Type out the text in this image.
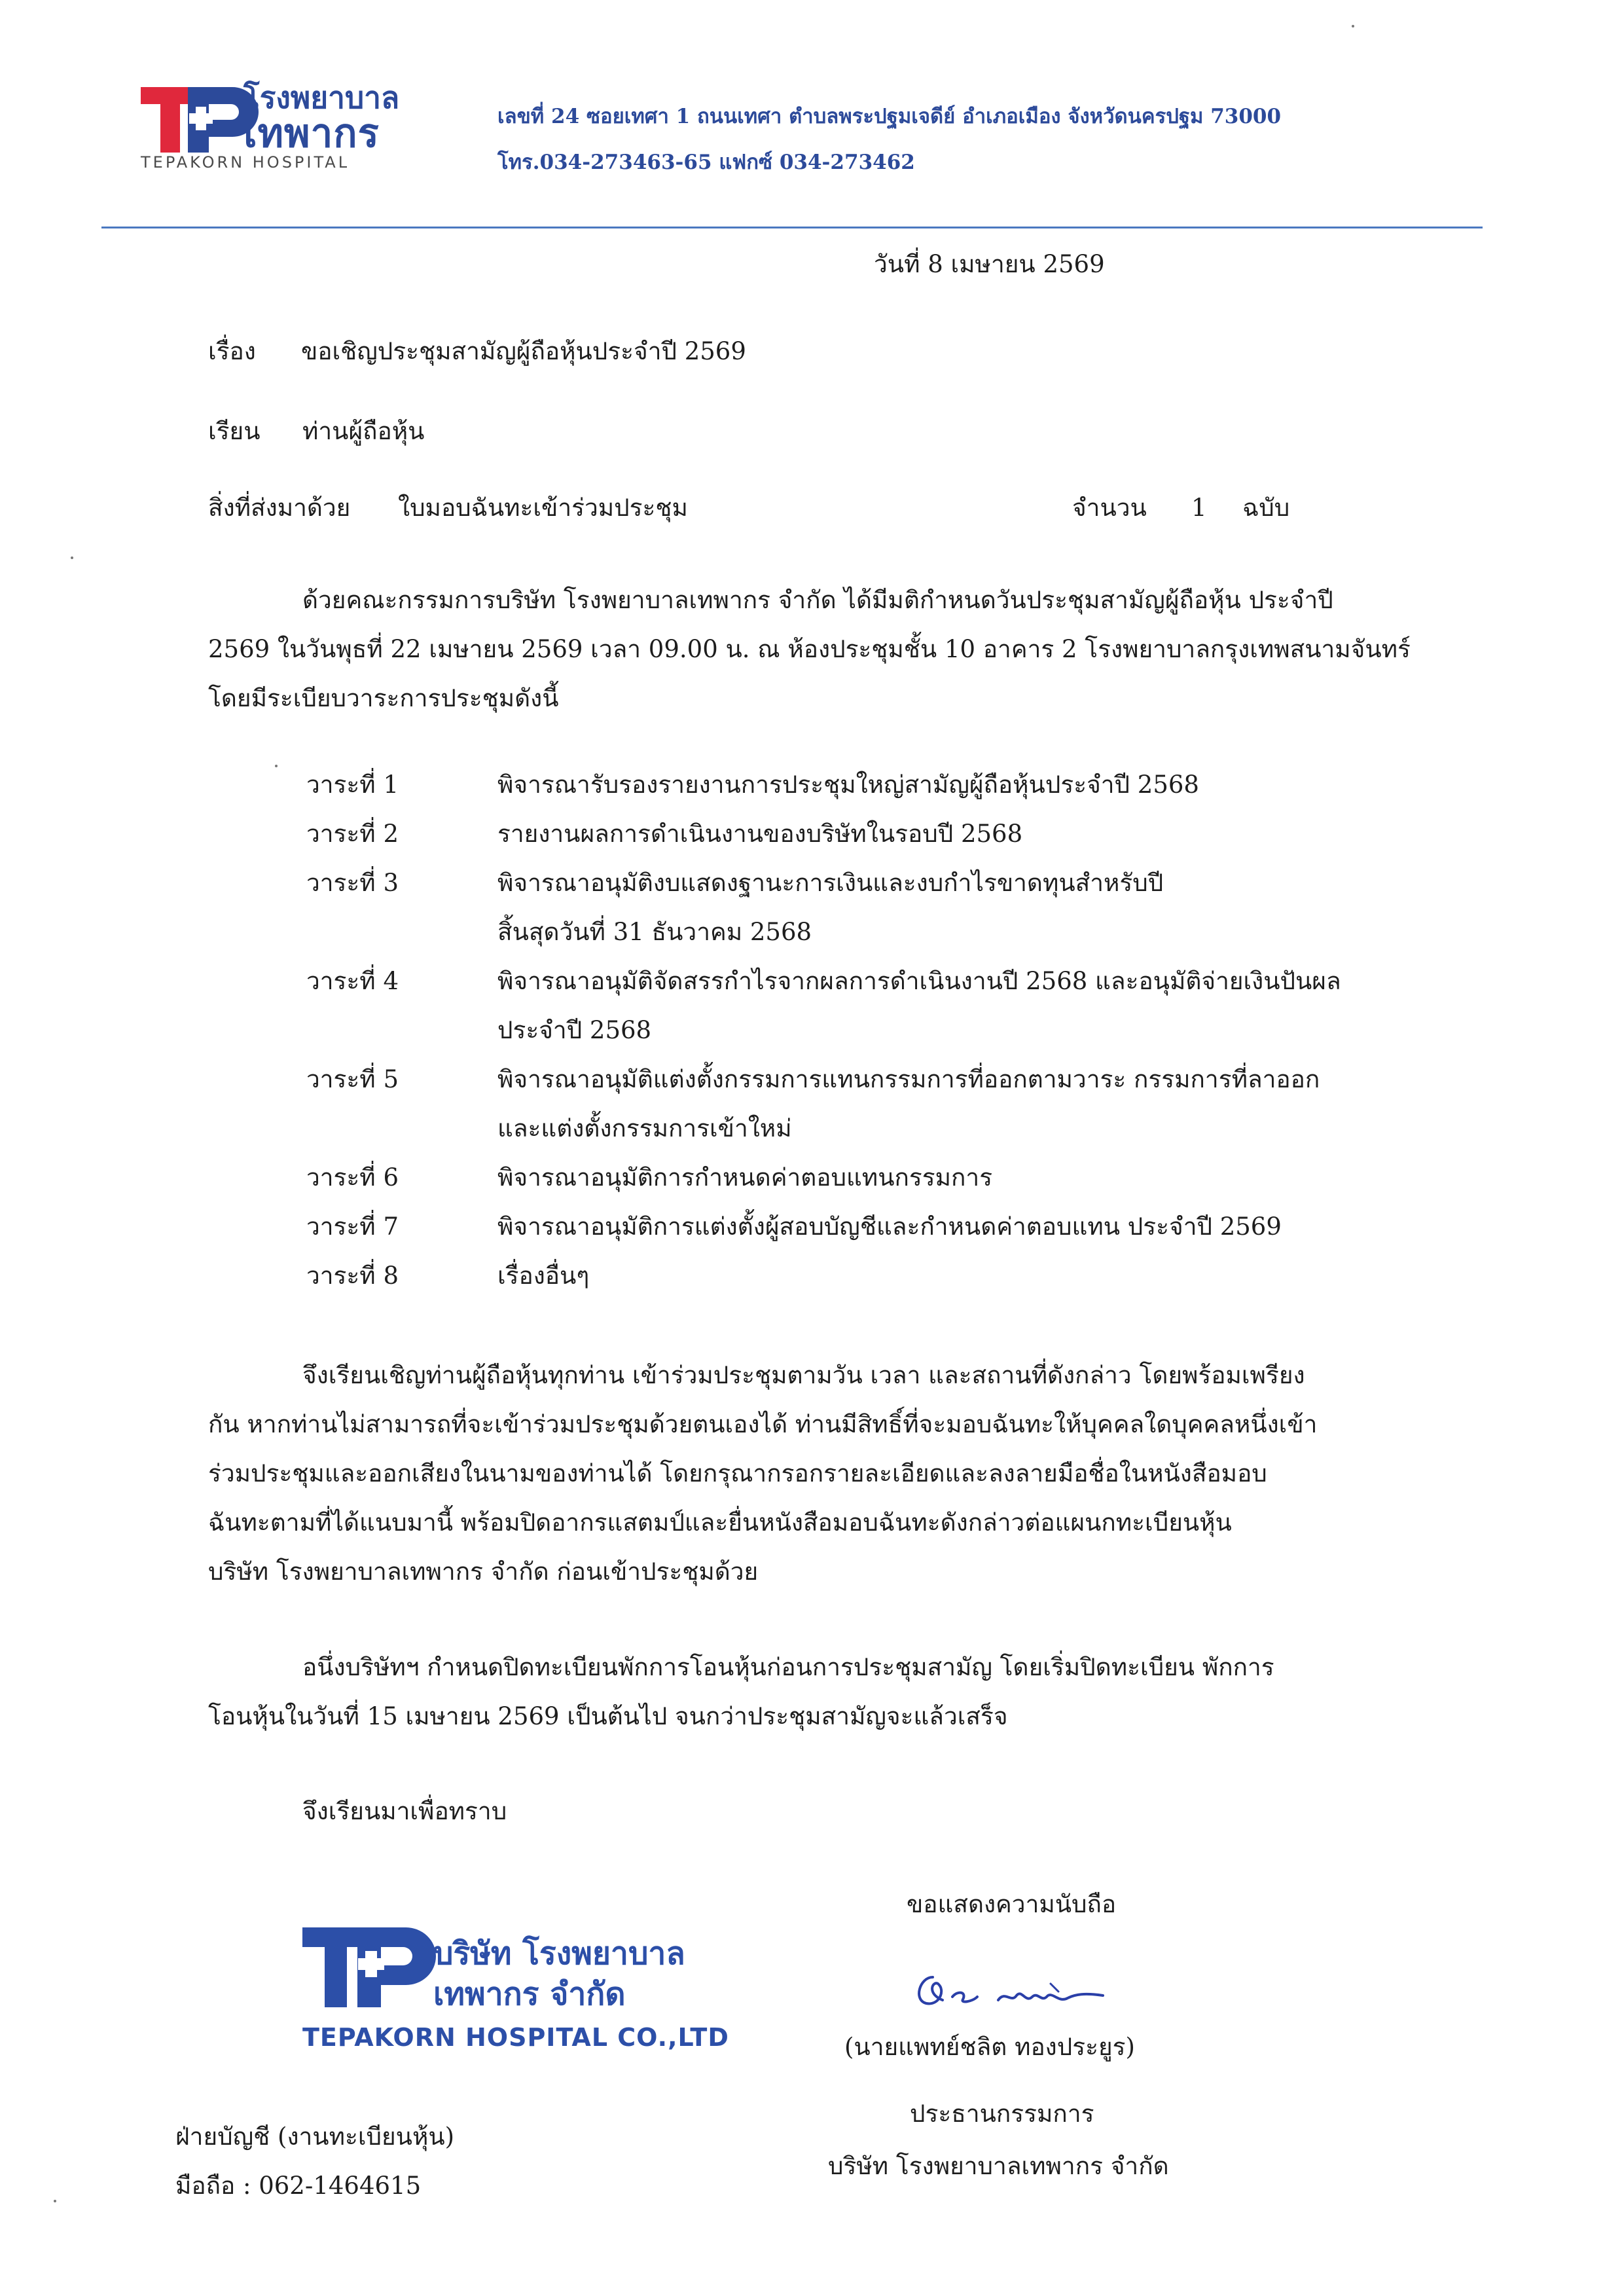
โรงพยาบาล
เทพากร
TEPAKORN HOSPITAL
เลขที่ 24 ซอยเทศา 1 ถนนเทศา ตำบลพระปฐมเจดีย์ อำเภอเมือง จังหวัดนครปฐม 73000
โทร.034-273463-65 แฟกซ์ 034-273462
วันที่ 8 เมษายน 2569
เรื่อง ขอเชิญประชุมสามัญผู้ถือหุ้นประจำปี 2569
เรียน ท่านผู้ถือหุ้น
สิ่งที่ส่งมาด้วย ใบมอบฉันทะเข้าร่วมประชุม	จำนวน 1 ฉบับ
ด้วยคณะกรรมการบริษัท โรงพยาบาลเทพากร จำกัด ได้มีมติกำหนดวันประชุมสามัญผู้ถือหุ้น ประจำปี
2569 ในวันพุธที่ 22 เมษายน 2569 เวลา 09.00 น. ณ ห้องประชุมชั้น 10 อาคาร 2 โรงพยาบาลกรุงเทพสนามจันทร์
โดยมีระเบียบวาระการประชุมดังนี้
วาระที่ 1	พิจารณารับรองรายงานการประชุมใหญ่สามัญผู้ถือหุ้นประจำปี 2568
วาระที่ 2	รายงานผลการดำเนินงานของบริษัทในรอบปี 2568
วาระที่ 3	พิจารณาอนุมัติงบแสดงฐานะการเงินและงบกำไรขาดทุนสำหรับปี
สิ้นสุดวันที่ 31 ธันวาคม 2568
วาระที่ 4	พิจารณาอนุมัติจัดสรรกำไรจากผลการดำเนินงานปี 2568 และอนุมัติจ่ายเงินปันผล
ประจำปี 2568
วาระที่ 5	พิจารณาอนุมัติแต่งตั้งกรรมการแทนกรรมการที่ออกตามวาระ กรรมการที่ลาออก
และแต่งตั้งกรรมการเข้าใหม่
วาระที่ 6	พิจารณาอนุมัติการกำหนดค่าตอบแทนกรรมการ
วาระที่ 7	พิจารณาอนุมัติการแต่งตั้งผู้สอบบัญชีและกำหนดค่าตอบแทน ประจำปี 2569
วาระที่ 8	เรื่องอื่นๆ
จึงเรียนเชิญท่านผู้ถือหุ้นทุกท่าน เข้าร่วมประชุมตามวัน เวลา และสถานที่ดังกล่าว โดยพร้อมเพรียง
กัน หากท่านไม่สามารถที่จะเข้าร่วมประชุมด้วยตนเองได้ ท่านมีสิทธิ์ที่จะมอบฉันทะให้บุคคลใดบุคคลหนึ่งเข้า
ร่วมประชุมและออกเสียงในนามของท่านได้ โดยกรุณากรอกรายละเอียดและลงลายมือชื่อในหนังสือมอบ
ฉันทะตามที่ได้แนบมานี้ พร้อมปิดอากรแสตมป์และยื่นหนังสือมอบฉันทะดังกล่าวต่อแผนกทะเบียนหุ้น
บริษัท โรงพยาบาลเทพากร จำกัด ก่อนเข้าประชุมด้วย
อนึ่งบริษัทฯ กำหนดปิดทะเบียนพักการโอนหุ้นก่อนการประชุมสามัญ โดยเริ่มปิดทะเบียน พักการ
โอนหุ้นในวันที่ 15 เมษายน 2569 เป็นต้นไป จนกว่าประชุมสามัญจะแล้วเสร็จ
จึงเรียนมาเพื่อทราบ
บริษัท โรงพยาบาล
เทพากร จำกัด
TEPAKORN HOSPITAL CO.,LTD
ขอแสดงความนับถือ
(นายแพทย์ชลิต ทองประยูร)
ประธานกรรมการ
บริษัท โรงพยาบาลเทพากร จำกัด
ฝ่ายบัญชี (งานทะเบียนหุ้น)
มือถือ : 062-1464615
